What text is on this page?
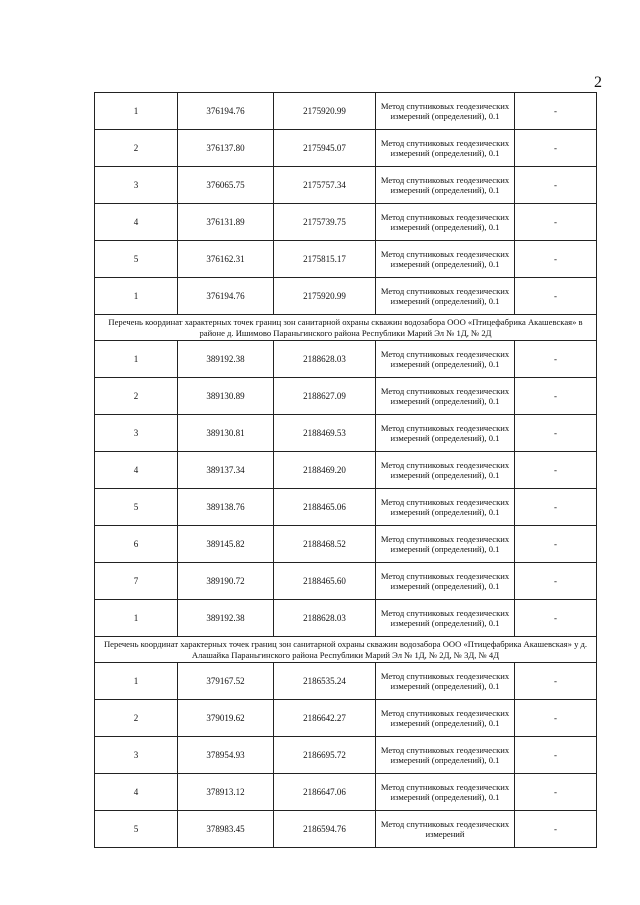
2
1	376194.76	2175920.99	Метод спутниковых геодезических измерений (определений), 0.1	-
2	376137.80	2175945.07	Метод спутниковых геодезических измерений (определений), 0.1	-
3	376065.75	2175757.34	Метод спутниковых геодезических измерений (определений), 0.1	-
4	376131.89	2175739.75	Метод спутниковых геодезических измерений (определений), 0.1	-
5	376162.31	2175815.17	Метод спутниковых геодезических измерений (определений), 0.1	-
1	376194.76	2175920.99	Метод спутниковых геодезических измерений (определений), 0.1	-
Перечень координат характерных точек границ зон санитарной охраны скважин водозабора ООО «Птицефабрика Акашевская» в районе д. Ишимово Параньгинского района Республики Марий Эл № 1Д, № 2Д				
1	389192.38	2188628.03	Метод спутниковых геодезических измерений (определений), 0.1	-
2	389130.89	2188627.09	Метод спутниковых геодезических измерений (определений), 0.1	-
3	389130.81	2188469.53	Метод спутниковых геодезических измерений (определений), 0.1	-
4	389137.34	2188469.20	Метод спутниковых геодезических измерений (определений), 0.1	-
5	389138.76	2188465.06	Метод спутниковых геодезических измерений (определений), 0.1	-
6	389145.82	2188468.52	Метод спутниковых геодезических измерений (определений), 0.1	-
7	389190.72	2188465.60	Метод спутниковых геодезических измерений (определений), 0.1	-
1	389192.38	2188628.03	Метод спутниковых геодезических измерений (определений), 0.1	-
Перечень координат характерных точек границ зон санитарной охраны скважин водозабора ООО «Птицефабрика Акашевская» у д. Алашайка Параньгинского района Республики Марий Эл № 1Д, № 2Д, № 3Д, № 4Д				
1	379167.52	2186535.24	Метод спутниковых геодезических измерений (определений), 0.1	-
2	379019.62	2186642.27	Метод спутниковых геодезических измерений (определений), 0.1	-
3	378954.93	2186695.72	Метод спутниковых геодезических измерений (определений), 0.1	-
4	378913.12	2186647.06	Метод спутниковых геодезических измерений (определений), 0.1	-
5	378983.45	2186594.76	Метод спутниковых геодезических измерений	-
